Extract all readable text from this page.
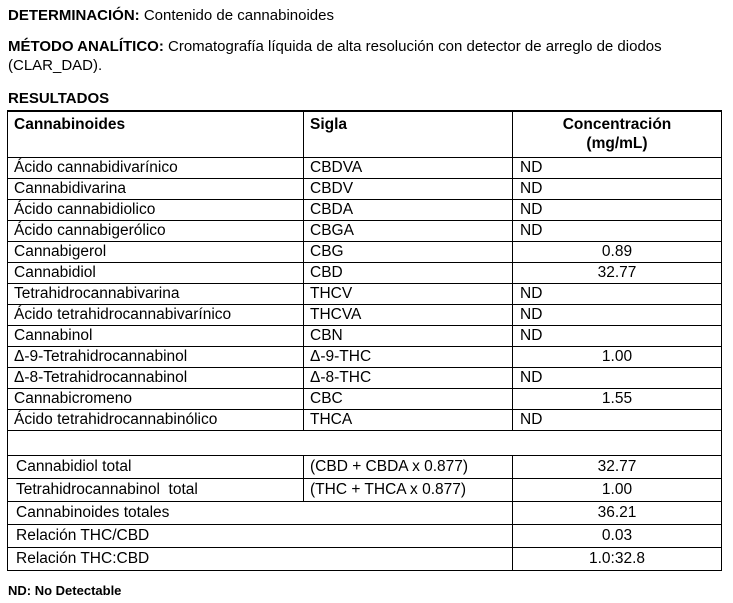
DETERMINACIÓN: Contenido de cannabinoides
MÉTODO ANALÍTICO: Cromatografía líquida de alta resolución con detector de arreglo de diodos (CLAR_DAD).
RESULTADOS
Cannabinoides	Sigla	Concentración
(mg/mL)

Ácido cannabidivarínico	CBDVA	ND
Cannabidivarina	CBDV	ND
Ácido cannabidiolico	CBDA	ND
Ácido cannabigerólico	CBGA	ND
Cannabigerol	CBG	0.89
Cannabidiol	CBD	32.77
Tetrahidrocannabivarina	THCV	ND
Ácido tetrahidrocannabivarínico	THCVA	ND
Cannabinol	CBN	ND
Δ-9-Tetrahidrocannabinol	Δ-9-THC	1.00
Δ-8-Tetrahidrocannabinol	Δ-8-THC	ND
Cannabicromeno	CBC	1.55
Ácido tetrahidrocannabinólico	THCA	ND

Cannabidiol total	(CBD + CBDA x 0.877)	32.77
Tetrahidrocannabinol  total	(THC + THCA x 0.877)	1.00
Cannabinoides totales		36.21
Relación THC/CBD		0.03
Relación THC:CBD		1.0:32.8
ND: No Detectable
